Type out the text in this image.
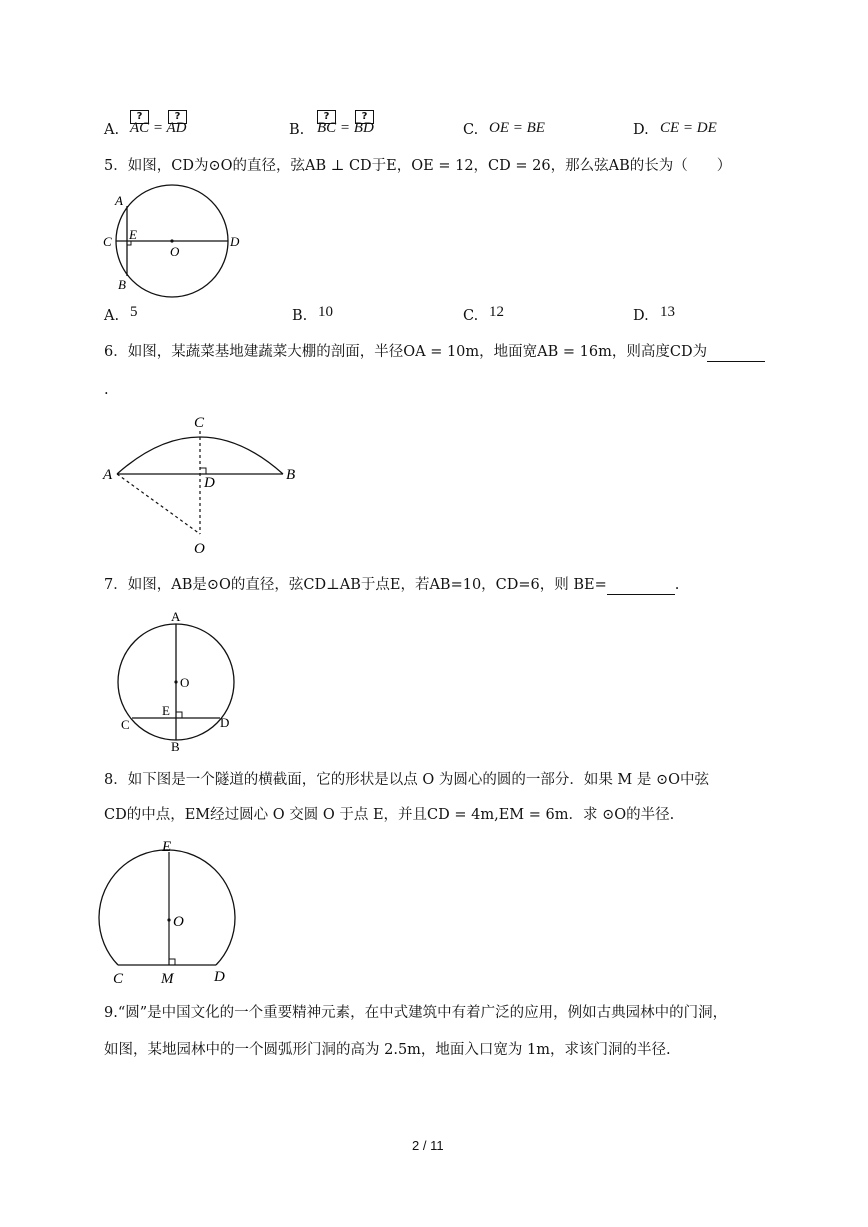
A.
?	?
AC = AD	B.
?	?
BC = BD	C. OE = BE	D. CE = DE
5．如图，CD为⊙O的直径，弦AB ⊥ CD于E，OE = 12，CD = 26，那么弦AB的长为（　　）
A
C E
O
D
B
A. 5	B. 10	C. 12	D. 13
6．如图，某蔬菜基地建蔬菜大棚的剖面，半径OA = 10m，地面宽AB = 16m，则高度CD为
.
C
A	B
D
O
7．如图，AB是⊙O的直径，弦CD⊥AB于点E，若AB=10，CD=6，则 BE=	.
A
O
E
C	D
B
8．如下图是一个隧道的横截面，它的形状是以点 O 为圆心的圆的一部分．如果 M 是 ⊙O中弦
CD的中点，EM经过圆心 O 交圆 O 于点 E，并且CD = 4m,EM = 6m．求 ⊙O的半径.
E
O
C	M	D
9.“圆”是中国文化的一个重要精神元素，在中式建筑中有着广泛的应用，例如古典园林中的门洞，
如图，某地园林中的一个圆弧形门洞的高为 2.5m，地面入口宽为 1m，求该门洞的半径.
2 / 11
